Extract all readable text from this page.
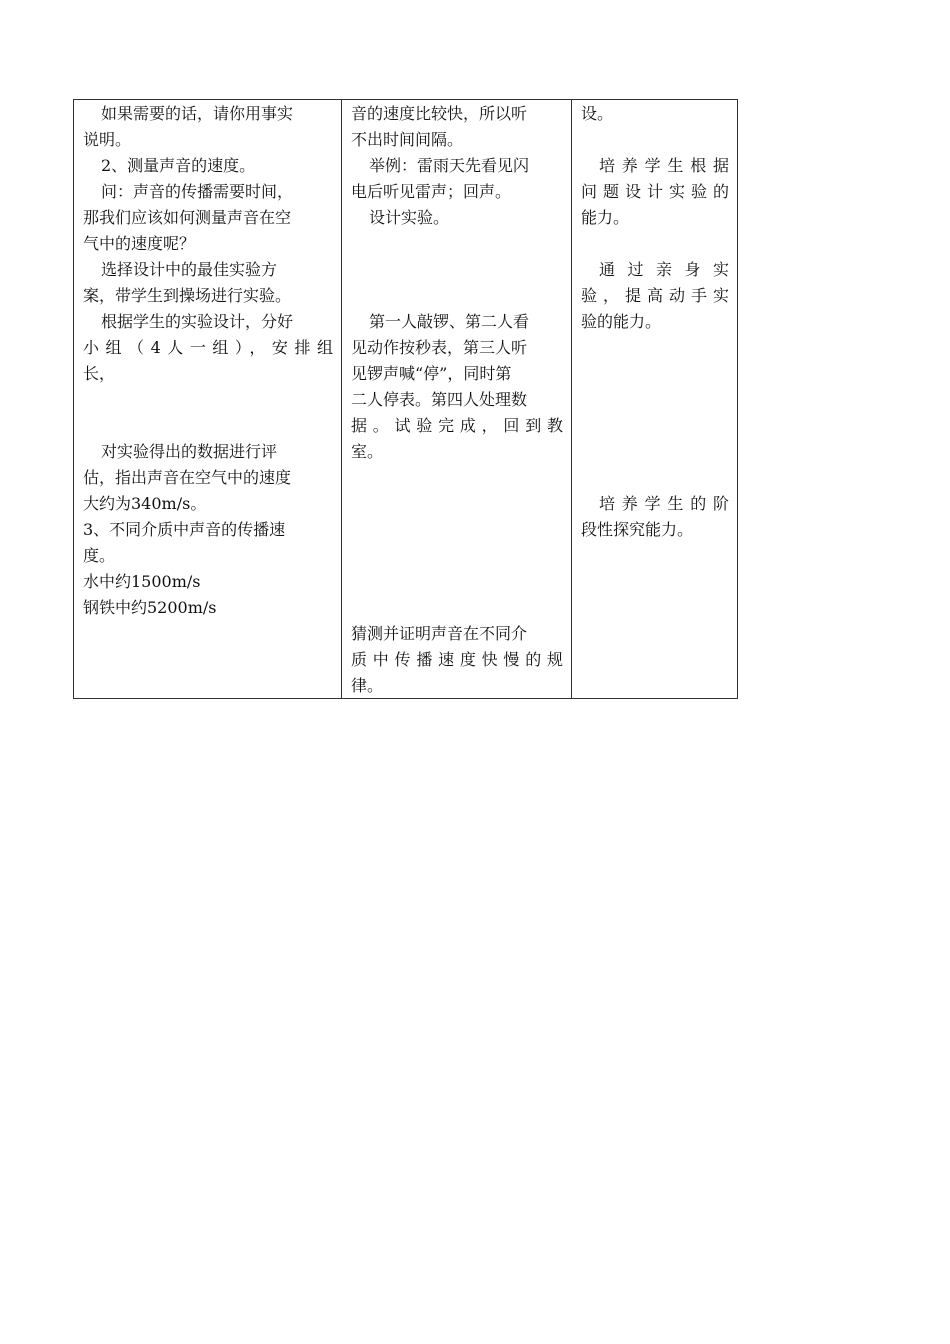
如果需要的话，请你用事实
说明。
2、测量声音的速度。
问：声音的传播需要时间，
那我们应该如何测量声音在空
气中的速度呢？
选择设计中的最佳实验方
案，带学生到操场进行实验。
根据学生的实验设计，分好
小组（4人一组），安排组
长，
对实验得出的数据进行评
估，指出声音在空气中的速度
大约为340m/s。
3、不同介质中声音的传播速
度。
水中约1500m/s
钢铁中约5200m/s
音的速度比较快，所以听
不出时间间隔。
举例：雷雨天先看见闪
电后听见雷声；回声。
设计实验。
第一人敲锣、第二人看
见动作按秒表，第三人听
见锣声喊“停”，同时第
二人停表。第四人处理数
据。试验完成，回到教
室。
猜测并证明声音在不同介
质中传播速度快慢的规
律。
设。
培养学生根据
问题设计实验的
能力。
通过亲身实
验，提高动手实
验的能力。
培养学生的阶
段性探究能力。
